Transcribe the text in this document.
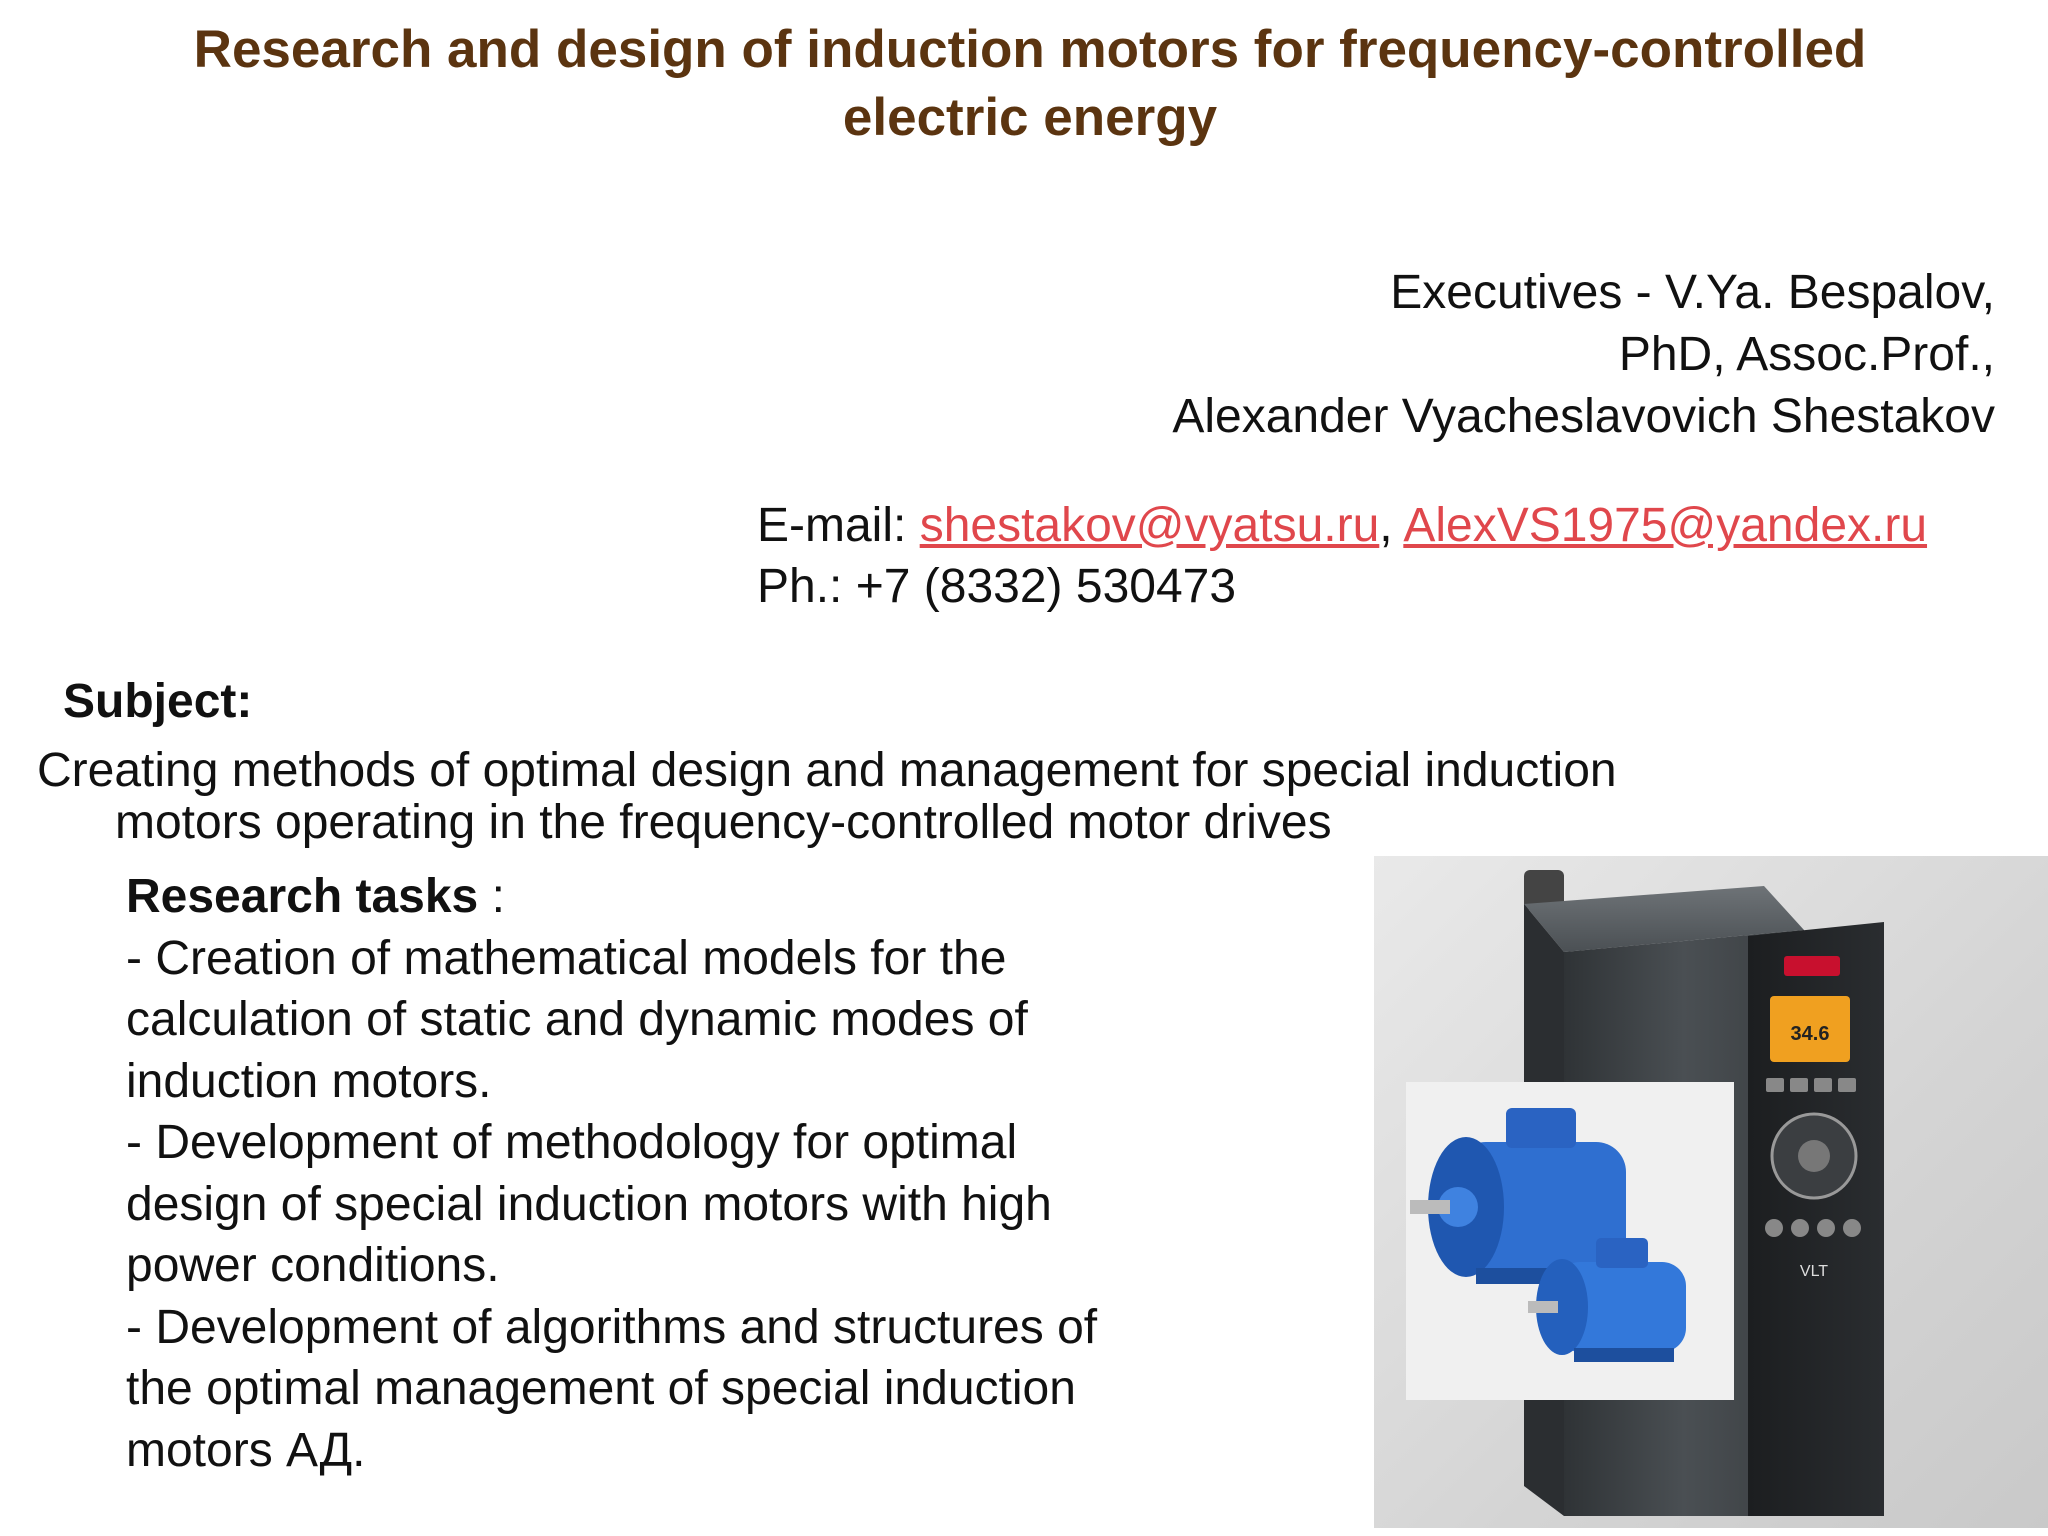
Research and design of induction motors for frequency-controlled
electric energy
Executives - V.Ya. Bespalov,
PhD, Assoc.Prof.,
Alexander Vyacheslavovich Shestakov
E-mail: shestakov@vyatsu.ru, AlexVS1975@yandex.ru
Ph.: +7 (8332) 530473
Subject:
Creating methods of optimal design and management for special induction
motors operating in the frequency-controlled motor drives
Research tasks :
- Creation of mathematical models for the
calculation of static and dynamic modes of
induction motors.
- Development of methodology for optimal
design of special induction motors with high
power conditions.
- Development of algorithms and structures of
the optimal management of special induction
motors АД.
34.6
VLT
